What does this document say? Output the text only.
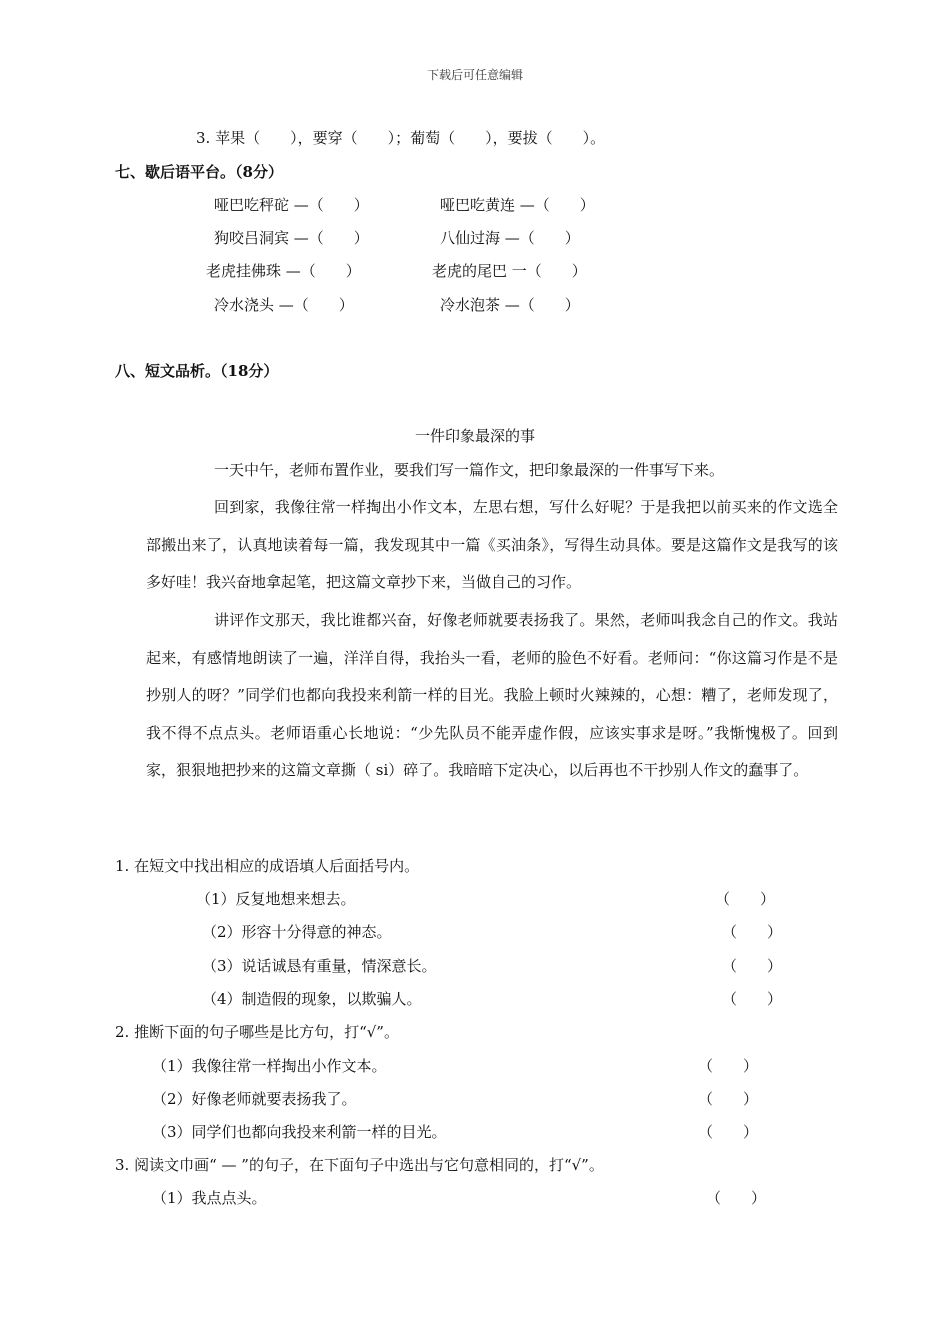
下载后可任意编辑
3. 苹果（　　），要穿（　　）；葡萄（　　），要拔（　　）。
七、歇后语平台。（8分）
哑巴吃秤砣 —（　　）	哑巴吃黄连 —（　　）
狗咬吕洞宾 —（　　）	八仙过海 —（　　）
老虎挂佛珠 —（　　）	老虎的尾巴 一（　　）
冷水浇头 —（　　）	冷水泡茶 —（　　）
八、短文品析。（18分）
一件印象最深的事
一天中午，老师布置作业，要我们写一篇作文，把印象最深的一件事写下来。
回到家，我像往常一样掏出小作文本，左思右想，写什么好呢？于是我把以前买来的作文选全部搬出来了，认真地读着每一篇，我发现其中一篇《买油条》，写得生动具体。要是这篇作文是我写的该多好哇！我兴奋地拿起笔，把这篇文章抄下来，当做自己的习作。
讲评作文那天，我比谁都兴奋，好像老师就要表扬我了。果然，老师叫我念自己的作文。我站起来，有感情地朗读了一遍，洋洋自得，我抬头一看，老师的脸色不好看。老师问：“你这篇习作是不是抄别人的呀？”同学们也都向我投来利箭一样的目光。我脸上顿时火辣辣的，心想：糟了，老师发现了，我不得不点点头。老师语重心长地说：“少先队员不能弄虚作假，应该实事求是呀。”我惭愧极了。回到家，狠狠地把抄来的这篇文章撕（ si）碎了。我暗暗下定决心，以后再也不干抄别人作文的蠢事了。
1. 在短文中找出相应的成语填人后面括号内。
（1）反复地想来想去。	（　　）
（2）形容十分得意的神态。	（　　）
（3）说话诚恳有重量，情深意长。	（　　）
（4）制造假的现象，以欺骗人。	（　　）
2. 推断下面的句子哪些是比方句，打“√”。
（1）我像往常一样掏出小作文本。	（　　）
（2）好像老师就要表扬我了。	（　　）
（3）同学们也都向我投来利箭一样的目光。	（　　）
3. 阅读文巾画“ — ”的句子，在下面句子中选出与它句意相同的，打“√”。
（1）我点点头。	（　　）
